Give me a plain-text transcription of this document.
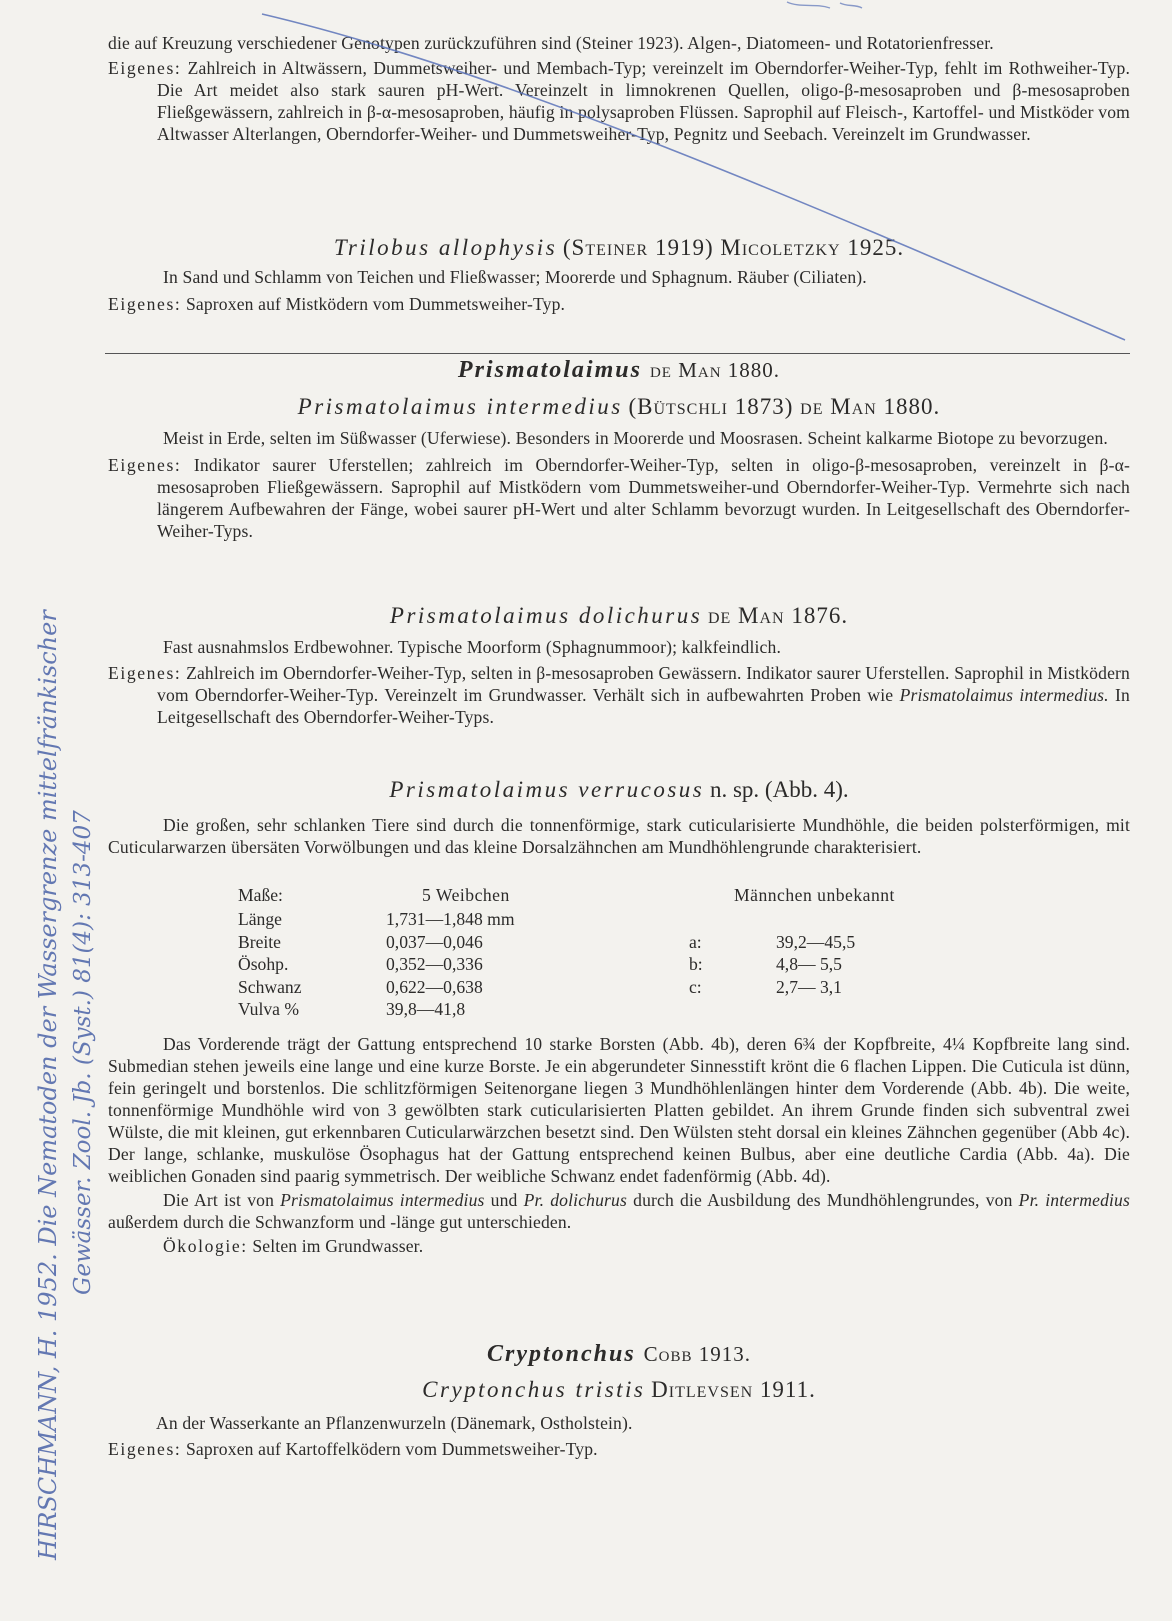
die auf Kreuzung verschiedener Genotypen zurückzuführen sind (Steiner 1923). Algen-, Diatomeen- und Rotatorienfresser.

Eigenes: Zahlreich in Altwässern, Dummetsweiher- und Membach-Typ; vereinzelt im Oberndorfer-Weiher-Typ, fehlt im Rothweiher-Typ. Die Art meidet also stark sauren pH-Wert. Vereinzelt in limnokrenen Quellen, oligo-β-mesosaproben und β-mesosaproben Fließgewässern, zahlreich in β-α-mesosaproben, häufig in polysaproben Flüssen. Saprophil auf Fleisch-, Kartoffel- und Mistköder vom Altwasser Alterlangen, Oberndorfer-Weiher- und Dummetsweiher-Typ, Pegnitz und Seebach. Vereinzelt im Grundwasser.

Trilobus allophysis (Steiner 1919) Micoletzky 1925.

In Sand und Schlamm von Teichen und Fließwasser; Moorerde und Sphagnum. Räuber (Ciliaten).

Eigenes: Saproxen auf Mistködern vom Dummetsweiher-Typ.

Prismatolaimus de Man 1880.
Prismatolaimus intermedius (Bütschli 1873) de Man 1880.

Meist in Erde, selten im Süßwasser (Uferwiese). Besonders in Moorerde und Moosrasen. Scheint kalkarme Biotope zu bevorzugen.

Eigenes: Indikator saurer Uferstellen; zahlreich im Oberndorfer-Weiher-Typ, selten in oligo-β-mesosaproben, vereinzelt in β-α-mesosaproben Fließgewässern. Saprophil auf Mistködern vom Dummetsweiher-und Oberndorfer-Weiher-Typ. Vermehrte sich nach längerem Aufbewahren der Fänge, wobei saurer pH-Wert und alter Schlamm bevorzugt wurden. In Leitgesellschaft des Oberndorfer-Weiher-Typs.

Prismatolaimus dolichurus de Man 1876.

Fast ausnahmslos Erdbewohner. Typische Moorform (Sphagnummoor); kalkfeindlich.

Eigenes: Zahlreich im Oberndorfer-Weiher-Typ, selten in β-mesosaproben Gewässern. Indikator saurer Uferstellen. Saprophil in Mistködern vom Oberndorfer-Weiher-Typ. Vereinzelt im Grundwasser. Verhält sich in aufbewahrten Proben wie Prismatolaimus intermedius. In Leitgesellschaft des Oberndorfer-Weiher-Typs.

Prismatolaimus verrucosus n. sp. (Abb. 4).

Die großen, sehr schlanken Tiere sind durch die tonnenförmige, stark cuticularisierte Mundhöhle, die beiden polsterförmigen, mit Cuticularwarzen übersäten Vorwölbungen und das kleine Dorsalzähnchen am Mundhöhlengrunde charakterisiert.

Maße:	5 Weibchen	Männchen unbekannt
Länge	1,731—1,848 mm
Breite	0,037—0,046	a:	39,2—45,5
Ösohp.	0,352—0,336	b:	4,8— 5,5
Schwanz	0,622—0,638	c:	2,7— 3,1
Vulva %	39,8—41,8

Das Vorderende trägt der Gattung entsprechend 10 starke Borsten (Abb. 4b), deren 6¾ der Kopfbreite, 4¼ Kopfbreite lang sind. Submedian stehen jeweils eine lange und eine kurze Borste. Je ein abgerundeter Sinnesstift krönt die 6 flachen Lippen. Die Cuticula ist dünn, fein geringelt und borstenlos. Die schlitzförmigen Seitenorgane liegen 3 Mundhöhlenlängen hinter dem Vorderende (Abb. 4b). Die weite, tonnenförmige Mundhöhle wird von 3 gewölbten stark cuticularisierten Platten gebildet. An ihrem Grunde finden sich subventral zwei Wülste, die mit kleinen, gut erkennbaren Cuticularwärzchen besetzt sind. Den Wülsten steht dorsal ein kleines Zähnchen gegenüber (Abb 4c). Der lange, schlanke, muskulöse Ösophagus hat der Gattung entsprechend keinen Bulbus, aber eine deutliche Cardia (Abb. 4a). Die weiblichen Gonaden sind paarig symmetrisch. Der weibliche Schwanz endet fadenförmig (Abb. 4d).

Die Art ist von Prismatolaimus intermedius und Pr. dolichurus durch die Ausbildung des Mundhöhlengrundes, von Pr. intermedius außerdem durch die Schwanzform und -länge gut unterschieden.

Ökologie: Selten im Grundwasser.

Cryptonchus Cobb 1913.
Cryptonchus tristis Ditlevsen 1911.

An der Wasserkante an Pflanzenwurzeln (Dänemark, Ostholstein).

Eigenes: Saproxen auf Kartoffelködern vom Dummetsweiher-Typ.

HIRSCHMANN, H. 1952. Die Nematoden der Wassergrenze mittelfränkischer Gewässer. Zool. Jb. (Syst.) 81(4): 313-407
